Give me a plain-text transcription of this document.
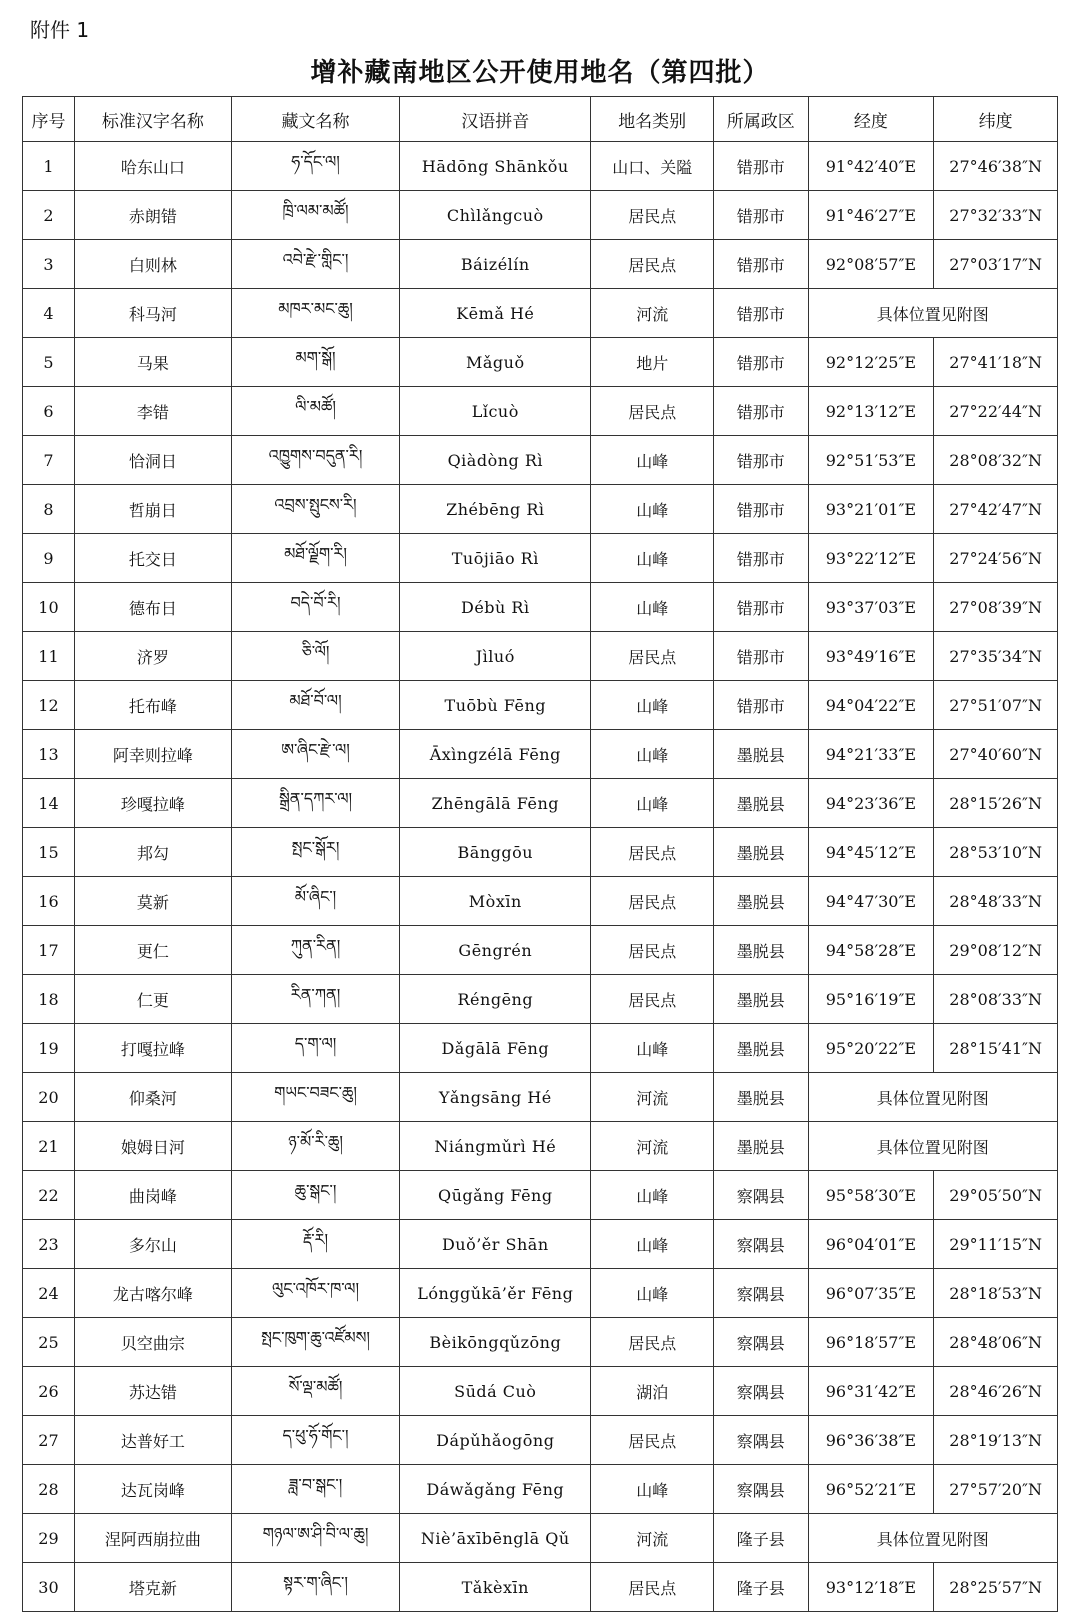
附件 1
增补藏南地区公开使用地名（第四批）
序号	标准汉字名称	藏文名称	汉语拼音	地名类别	所属政区	经度	纬度
1	哈东山口	ཧ་དོང་ལ།	Hādōng Shānkǒu	山口、关隘	错那市	91°42′40″E	27°46′38″N
2	赤朗错	ཁྲི་ལམ་མཚོ།	Chìlǎngcuò	居民点	错那市	91°46′27″E	27°32′33″N
3	白则林	འབེ་རྫེ་གླིང་།	Báizélín	居民点	错那市	92°08′57″E	27°03′17″N
4	科马河	མཁར་མང་ཆུ།	Kēmǎ Hé	河流	错那市	具体位置见附图	
5	马果	མག་སྒོ།	Mǎguǒ	地片	错那市	92°12′25″E	27°41′18″N
6	李错	ལི་མཚོ།	Lǐcuò	居民点	错那市	92°13′12″E	27°22′44″N
7	恰洞日	འཁྱུགས་བདུན་རི།	Qiàdòng Rì	山峰	错那市	92°51′53″E	28°08′32″N
8	哲崩日	འབྲས་སྤུངས་རི།	Zhébēng Rì	山峰	错那市	93°21′01″E	27°42′47″N
9	托交日	མཐོ་ལྗོག་རི།	Tuōjiāo Rì	山峰	错那市	93°22′12″E	27°24′56″N
10	德布日	བདེ་བོ་རི།	Débù Rì	山峰	错那市	93°37′03″E	27°08′39″N
11	济罗	ཅི་ལོ།	Jìluó	居民点	错那市	93°49′16″E	27°35′34″N
12	托布峰	མཐོ་བོ་ལ།	Tuōbù Fēng	山峰	错那市	94°04′22″E	27°51′07″N
13	阿幸则拉峰	ཨ་ཞིང་རྫེ་ལ།	Āxìngzélā Fēng	山峰	墨脱县	94°21′33″E	27°40′60″N
14	珍嘎拉峰	སྒྲིན་དཀར་ལ།	Zhēngālā Fēng	山峰	墨脱县	94°23′36″E	28°15′26″N
15	邦勾	སྤང་སྒོར།	Bānggōu	居民点	墨脱县	94°45′12″E	28°53′10″N
16	莫新	མོ་ཞིང་།	Mòxīn	居民点	墨脱县	94°47′30″E	28°48′33″N
17	更仁	ཀུན་རིན།	Gēngrén	居民点	墨脱县	94°58′28″E	29°08′12″N
18	仁更	རིན་ཀན།	Réngēng	居民点	墨脱县	95°16′19″E	28°08′33″N
19	打嘎拉峰	ད་ག་ལ།	Dǎgālā Fēng	山峰	墨脱县	95°20′22″E	28°15′41″N
20	仰桑河	གཡང་བཟང་ཆུ།	Yǎngsāng Hé	河流	墨脱县	具体位置见附图	
21	娘姆日河	ཉ་མོ་རི་ཆུ།	Niángmǔrì Hé	河流	墨脱县	具体位置见附图	
22	曲岗峰	ཆུ་སྒང་།	Qūgǎng Fēng	山峰	察隅县	95°58′30″E	29°05′50″N
23	多尔山	རྡོ་རི།	Duǒ’ěr Shān	山峰	察隅县	96°04′01″E	29°11′15″N
24	龙古喀尔峰	ལུང་འཁོར་ཁ་ལ།	Lónggǔkā’ěr Fēng	山峰	察隅县	96°07′35″E	28°18′53″N
25	贝空曲宗	སྤང་ཁུག་ཆུ་འཛོམས།	Bèikōngqǔzōng	居民点	察隅县	96°18′57″E	28°48′06″N
26	苏达错	སོ་ལྡ་མཚོ།	Sūdá Cuò	湖泊	察隅县	96°31′42″E	28°46′26″N
27	达普好工	ད་ཕུ་ཧོ་གོང་།	Dápǔhǎogōng	居民点	察隅县	96°36′38″E	28°19′13″N
28	达瓦岗峰	ཟླ་བ་སྒང་།	Dáwǎgǎng Fēng	山峰	察隅县	96°52′21″E	27°57′20″N
29	涅阿西崩拉曲	གཉལ་ཨ་ཤི་བི་ལ་ཆུ།	Niè’āxībēnglā Qǔ	河流	隆子县	具体位置见附图	
30	塔克新	སྟར་ག་ཞིང་།	Tǎkèxīn	居民点	隆子县	93°12′18″E	28°25′57″N
